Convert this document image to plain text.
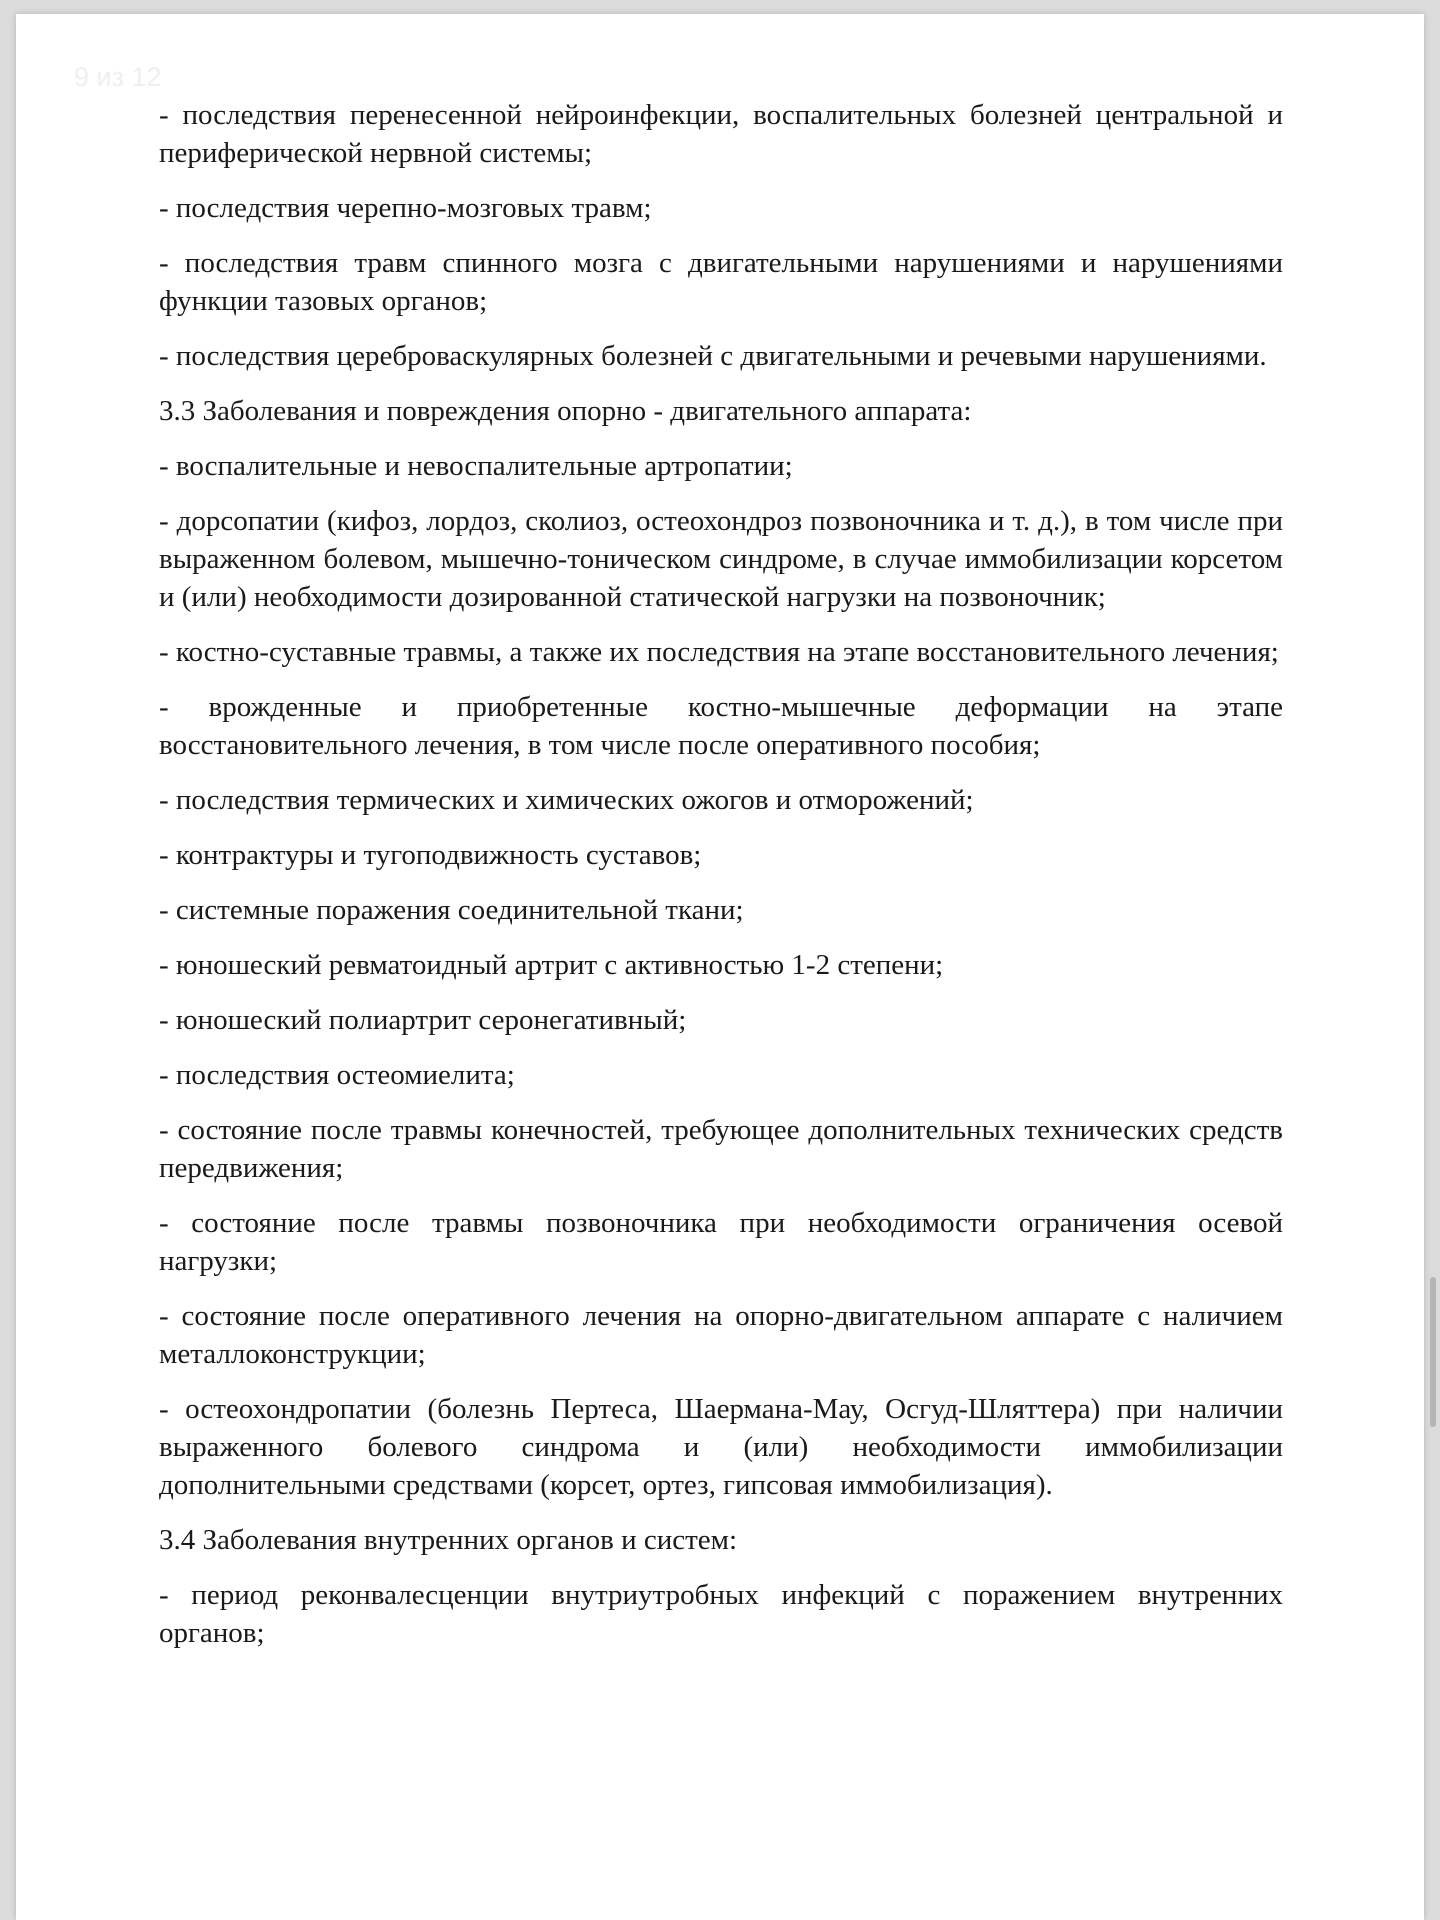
9 из 12

- последствия перенесенной нейроинфекции, воспалительных болезней центральной и периферической нервной системы;

- последствия черепно-мозговых травм;

- последствия травм спинного мозга с двигательными нарушениями и нарушениями функции тазовых органов;

- последствия цереброваскулярных болезней с двигательными и речевыми нарушениями.

3.3 Заболевания и повреждения опорно - двигательного аппарата:

- воспалительные и невоспалительные артропатии;

- дорсопатии (кифоз, лордоз, сколиоз, остеохондроз позвоночника и т. д.), в том числе при выраженном болевом, мышечно-тоническом синдроме, в случае иммобилизации корсетом и (или) необходимости дозированной статической нагрузки на позвоночник;

- костно-суставные травмы, а также их последствия на этапе восстановительного лечения;

- врожденные и приобретенные костно-мышечные деформации на этапе восстановительного лечения, в том числе после оперативного пособия;

- последствия термических и химических ожогов и отморожений;

- контрактуры и тугоподвижность суставов;

- системные поражения соединительной ткани;

- юношеский ревматоидный артрит с активностью 1-2 степени;

- юношеский полиартрит серонегативный;

- последствия остеомиелита;

- состояние после травмы конечностей, требующее дополнительных технических средств передвижения;

- состояние после травмы позвоночника при необходимости ограничения осевой нагрузки;

- состояние после оперативного лечения на опорно-двигательном аппарате с наличием металлоконструкции;

- остеохондропатии (болезнь Пертеса, Шаермана-Мау, Осгуд-Шляттера) при наличии выраженного болевого синдрома и (или) необходимости иммобилизации дополнительными средствами (корсет, ортез, гипсовая иммобилизация).

3.4 Заболевания внутренних органов и систем:

- период реконвалесценции внутриутробных инфекций с поражением внутренних органов;
